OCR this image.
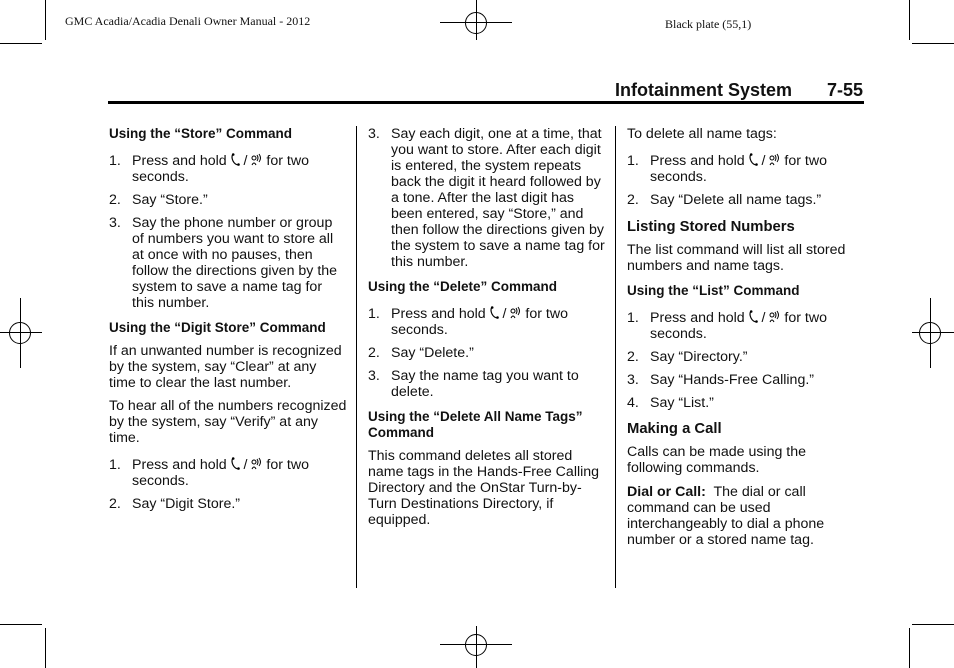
GMC Acadia/Acadia Denali Owner Manual - 2012	Black plate (55,1)
Infotainment System 7-55
Using the “Store” Command
1. Press and hold  /  for two seconds.
2. Say “Store.”
3. Say the phone number or group of numbers you want to store all at once with no pauses, then follow the directions given by the system to save a name tag for this number.
Using the “Digit Store” Command
If an unwanted number is recognized by the system, say “Clear” at any time to clear the last number.
To hear all of the numbers recognized by the system, say “Verify” at any time.
1. Press and hold  /  for two seconds.
2. Say “Digit Store.”
3. Say each digit, one at a time, that you want to store. After each digit is entered, the system repeats back the digit it heard followed by a tone. After the last digit has been entered, say “Store,” and then follow the directions given by the system to save a name tag for this number.
Using the “Delete” Command
1. Press and hold  /  for two seconds.
2. Say “Delete.”
3. Say the name tag you want to delete.
Using the “Delete All Name Tags” Command
This command deletes all stored name tags in the Hands-Free Calling Directory and the OnStar Turn-by-Turn Destinations Directory, if equipped.
To delete all name tags:
1. Press and hold  /  for two seconds.
2. Say “Delete all name tags.”
Listing Stored Numbers
The list command will list all stored numbers and name tags.
Using the “List” Command
1. Press and hold  /  for two seconds.
2. Say “Directory.”
3. Say “Hands-Free Calling.”
4. Say “List.”
Making a Call
Calls can be made using the following commands.
Dial or Call: The dial or call command can be used interchangeably to dial a phone number or a stored name tag.
